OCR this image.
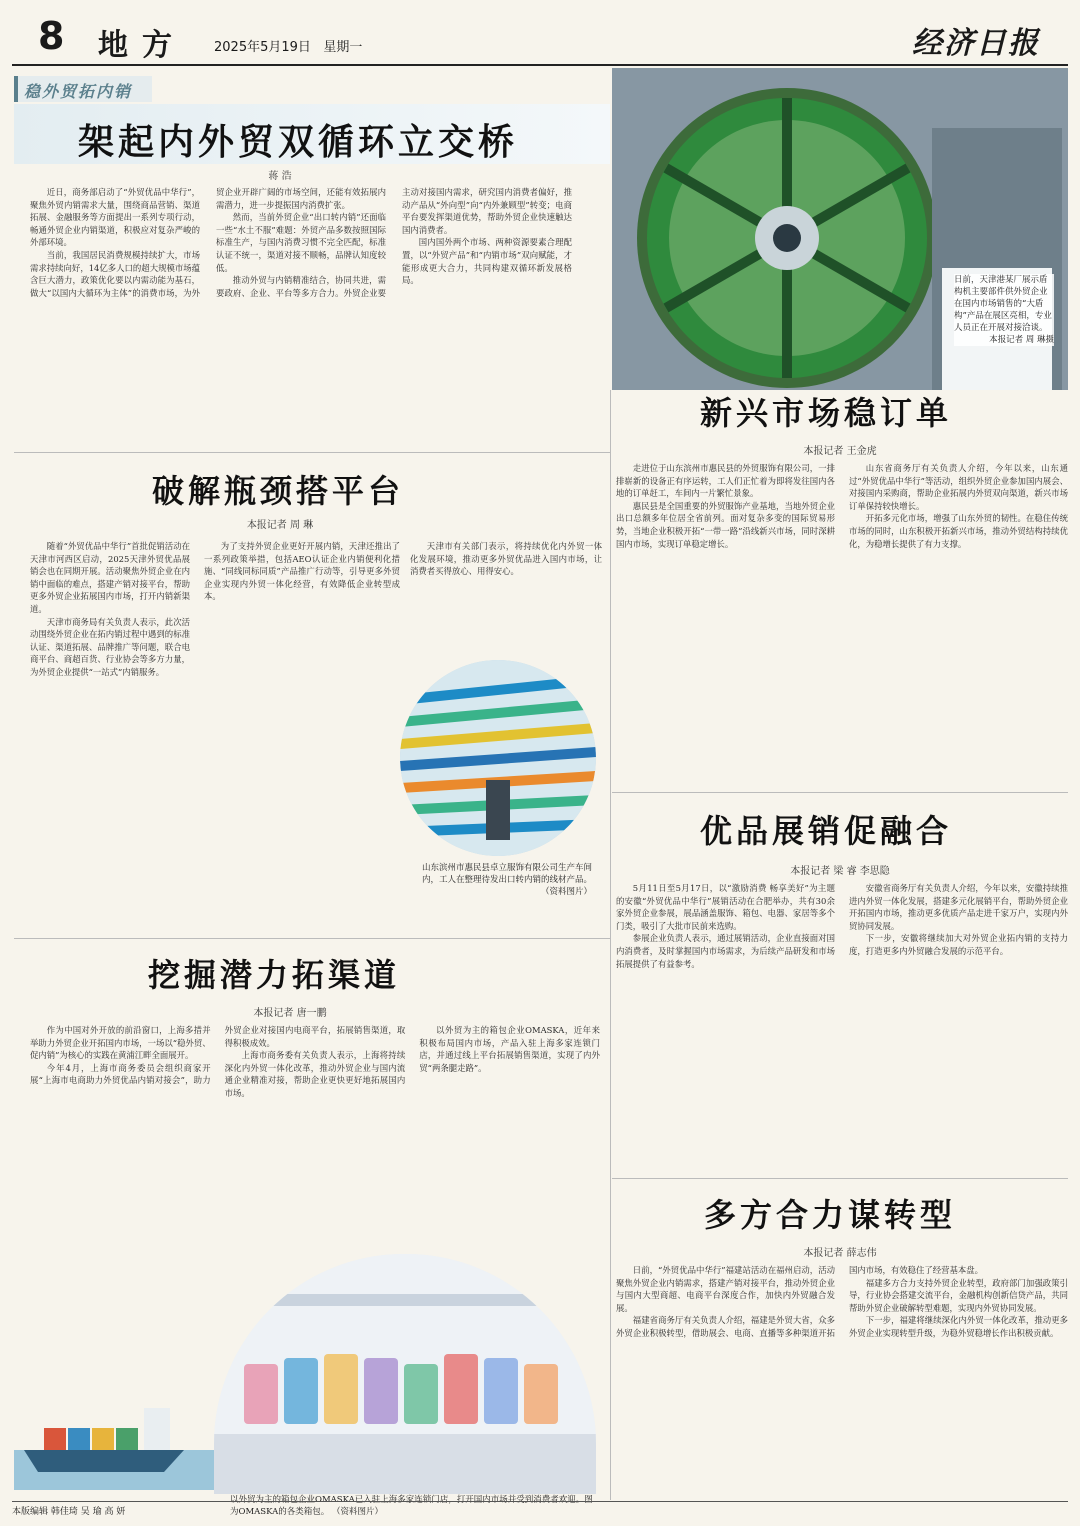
8 地方 2025年5月19日 星期一	经济日报
稳外贸拓内销
架起内外贸双循环立交桥
蒋 浩

近日，商务部启动了“外贸优品中华行”，聚焦外贸内销需求大量，围绕商品营销、渠道拓展、金融服务等方面提出一系列专项行动，畅通外贸企业内销渠道，积极应对复杂严峻的外部环境。

当前，我国居民消费规模持续扩大，市场需求持续向好，14亿多人口的超大规模市场蕴含巨大潜力，政策优化要以内需动能为基石，做大“以国内大循环为主体”的消费市场，为外贸企业开辟广阔的市场空间，还能有效拓展内需潜力，进一步提振国内消费扩张。

然而，当前外贸企业“出口转内销”还面临一些“水土不服”难题：外贸产品多数按照国际标准生产，与国内消费习惯不完全匹配，标准认证不统一，渠道对接不顺畅，品牌认知度较低。

推动外贸与内销精准结合，协同共进，需要政府、企业、平台等多方合力。外贸企业要主动对接国内需求，研究国内消费者偏好，推动产品从“外向型”向“内外兼顾型”转变；电商平台要发挥渠道优势，帮助外贸企业快速触达国内消费者。

国内国外两个市场、两种资源要素合理配置，以“外贸产品”和“内销市场”双向赋能，才能形成更大合力，共同构建双循环新发展格局。	日前，天津港某厂展示盾构机主要部件供外贸企业在国内市场销售的“大盾构”产品在展区亮相，专业人员正在开展对接洽谈。
本报记者 周 琳摄
新兴市场稳订单
本报记者 王金虎

走进位于山东滨州市惠民县的外贸服饰有限公司，一排排崭新的设备正有序运转，工人们正忙着为即将发往国内各地的订单赶工，车间内一片繁忙景象。

惠民县是全国重要的外贸服饰产业基地，当地外贸企业出口总额多年位居全省前列。面对复杂多变的国际贸易形势，当地企业积极开拓“一带一路”沿线新兴市场，同时深耕国内市场，实现订单稳定增长。

山东省商务厅有关负责人介绍，今年以来，山东通过“外贸优品中华行”等活动，组织外贸企业参加国内展会、对接国内采购商，帮助企业拓展内外贸双向渠道，新兴市场订单保持较快增长。

开拓多元化市场，增强了山东外贸的韧性。在稳住传统市场的同时，山东积极开拓新兴市场，推动外贸结构持续优化，为稳增长提供了有力支撑。

破解瓶颈搭平台
本报记者 周 琳

随着“外贸优品中华行”首批促销活动在天津市河西区启动，2025天津外贸优品展销会也在同期开展。活动聚焦外贸企业在内销中面临的难点，搭建产销对接平台，帮助更多外贸企业拓展国内市场，打开内销新渠道。

天津市商务局有关负责人表示，此次活动围绕外贸企业在拓内销过程中遇到的标准认证、渠道拓展、品牌推广等问题，联合电商平台、商超百货、行业协会等多方力量，为外贸企业提供“一站式”内销服务。

为了支持外贸企业更好开展内销，天津还推出了一系列政策举措，包括AEO认证企业内销便利化措施、“同线同标同质”产品推广行动等，引导更多外贸企业实现内外贸一体化经营，有效降低企业转型成本。

天津市有关部门表示，将持续优化内外贸一体化发展环境，推动更多外贸优品进入国内市场，让消费者买得放心、用得安心。

山东滨州市惠民县卓立服饰有限公司生产车间内，工人在整理待发出口转内销的线材产品。
（资料图片）
优品展销促融合
本报记者 梁 睿 李思隐

5月11日至5月17日，以“激励消费 畅享美好”为主题的安徽“外贸优品中华行”展销活动在合肥举办，共有30余家外贸企业参展，展品涵盖服饰、箱包、电器、家居等多个门类，吸引了大批市民前来选购。

参展企业负责人表示，通过展销活动，企业直接面对国内消费者，及时掌握国内市场需求，为后续产品研发和市场拓展提供了有益参考。

安徽省商务厅有关负责人介绍，今年以来，安徽持续推进内外贸一体化发展，搭建多元化展销平台，帮助外贸企业开拓国内市场，推动更多优质产品走进千家万户，实现内外贸协同发展。

下一步，安徽将继续加大对外贸企业拓内销的支持力度，打造更多内外贸融合发展的示范平台。

挖掘潜力拓渠道
本报记者 唐一鹏

作为中国对外开放的前沿窗口，上海多措并举助力外贸企业开拓国内市场，一场以“稳外贸、促内销”为核心的实践在黄浦江畔全面展开。

今年4月，上海市商务委员会组织商家开展“上海市电商助力外贸优品内销对接会”，助力外贸企业对接国内电商平台，拓展销售渠道，取得积极成效。

上海市商务委有关负责人表示，上海将持续深化内外贸一体化改革，推动外贸企业与国内流通企业精准对接，帮助企业更快更好地拓展国内市场。

以外贸为主的箱包企业OMASKA，近年来积极布局国内市场，产品入驻上海多家连锁门店，并通过线上平台拓展销售渠道，实现了内外贸“两条腿走路”。

以外贸为主的箱包企业OMASKA已入驻上海多家连锁门店，打开国内市场并受到消费者欢迎。图为OMASKA的各类箱包。 （资料图片）
多方合力谋转型
本报记者 薛志伟

日前，“外贸优品中华行”福建站活动在福州启动，活动聚焦外贸企业内销需求，搭建产销对接平台，推动外贸企业与国内大型商超、电商平台深度合作，加快内外贸融合发展。

福建省商务厅有关负责人介绍，福建是外贸大省，众多外贸企业积极转型，借助展会、电商、直播等多种渠道开拓国内市场，有效稳住了经营基本盘。

福建多方合力支持外贸企业转型，政府部门加强政策引导，行业协会搭建交流平台，金融机构创新信贷产品，共同帮助外贸企业破解转型难题，实现内外贸协同发展。

下一步，福建将继续深化内外贸一体化改革，推动更多外贸企业实现转型升级，为稳外贸稳增长作出积极贡献。

本版编辑 韩佳琦 吴 瑜 高 妍
